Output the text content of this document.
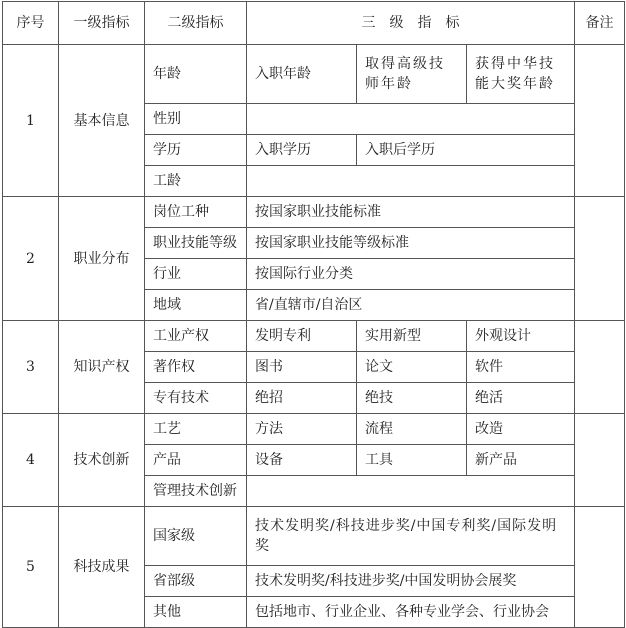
序号	一级指标	二级指标	三　级　指　标			备注
1	基本信息	年龄	入职年龄	取得高级技师年龄	获得中华技能大奖年龄	
		性别				
		学历	入职学历	入职后学历		
		工龄				
2	职业分布	岗位工种	按国家职业技能标准			
		职业技能等级	按国家职业技能等级标准			
		行业	按国际行业分类			
		地域	省/直辖市/自治区			
3	知识产权	工业产权	发明专利	实用新型	外观设计	
		著作权	图书	论文	软件	
		专有技术	绝招	绝技	绝活	
4	技术创新	工艺	方法	流程	改造	
		产品	设备	工具	新产品	
		管理技术创新				
5	科技成果	国家级	技术发明奖/科技进步奖/中国专利奖/国际发明奖			
		省部级	技术发明奖/科技进步奖/中国发明协会展奖			
		其他	包括地市、行业企业、各种专业学会、行业协会			
